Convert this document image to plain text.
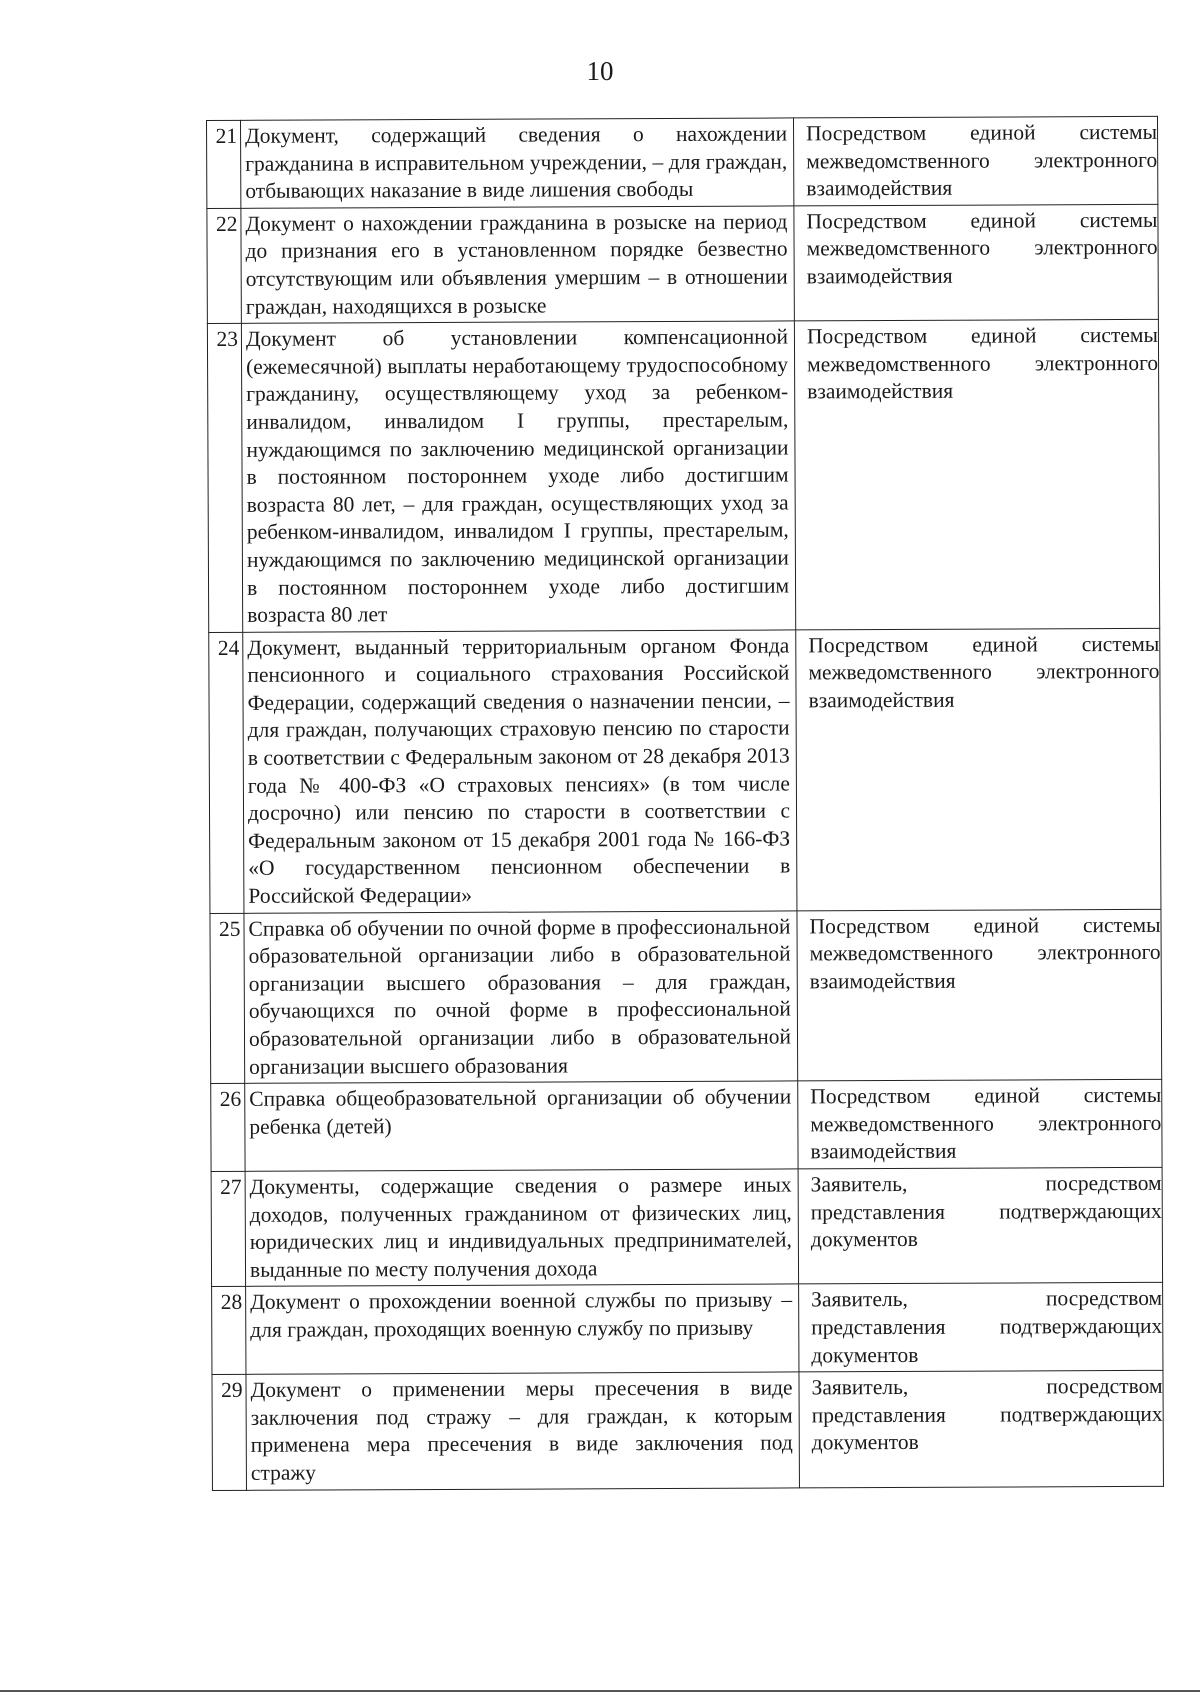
10
21	Документ, содержащий сведения о нахождении гражданина в исправительном учреждении, – для граждан, отбывающих наказание в виде лишения свободы	Посредством единой системы межведомственного электронного взаимодействия
22	Документ о нахождении гражданина в розыске на период до признания его в установленном порядке безвестно отсутствующим или объявления умершим – в отношении граждан, находящихся в розыске	Посредством единой системы межведомственного электронного взаимодействия
23	Документ об установлении компенсационной (ежемесячной) выплаты неработающему трудоспособному гражданину, осуществляющему уход за ребенком-инвалидом, инвалидом I группы, престарелым, нуждающимся по заключению медицинской организации в постоянном постороннем уходе либо достигшим возраста 80 лет, – для граждан, осуществляющих уход за ребенком-инвалидом, инвалидом I группы, престарелым, нуждающимся по заключению медицинской организации в постоянном постороннем уходе либо достигшим возраста 80 лет	Посредством единой системы межведомственного электронного взаимодействия
24	Документ, выданный территориальным органом Фонда пенсионного и социального страхования Российской Федерации, содержащий сведения о назначении пенсии, – для граждан, получающих страховую пенсию по старости в соответствии с Федеральным законом от 28 декабря 2013 года № 400-ФЗ «О страховых пенсиях» (в том числе досрочно) или пенсию по старости в соответствии с Федеральным законом от 15 декабря 2001 года № 166-ФЗ «О государственном пенсионном обеспечении в Российской Федерации»	Посредством единой системы межведомственного электронного взаимодействия
25	Справка об обучении по очной форме в профессиональной образовательной организации либо в образовательной организации высшего образования – для граждан, обучающихся по очной форме в профессиональной образовательной организации либо в образовательной организации высшего образования	Посредством единой системы межведомственного электронного взаимодействия
26	Справка общеобразовательной организации об обучении ребенка (детей)	Посредством единой системы межведомственного электронного взаимодействия
27	Документы, содержащие сведения о размере иных доходов, полученных гражданином от физических лиц, юридических лиц и индивидуальных предпринимателей, выданные по месту получения дохода	Заявитель, посредством представления подтверждающих документов
28	Документ о прохождении военной службы по призыву – для граждан, проходящих военную службу по призыву	Заявитель, посредством представления подтверждающих документов
29	Документ о применении меры пресечения в виде заключения под стражу – для граждан, к которым применена мера пресечения в виде заключения под стражу	Заявитель, посредством представления подтверждающих документов
